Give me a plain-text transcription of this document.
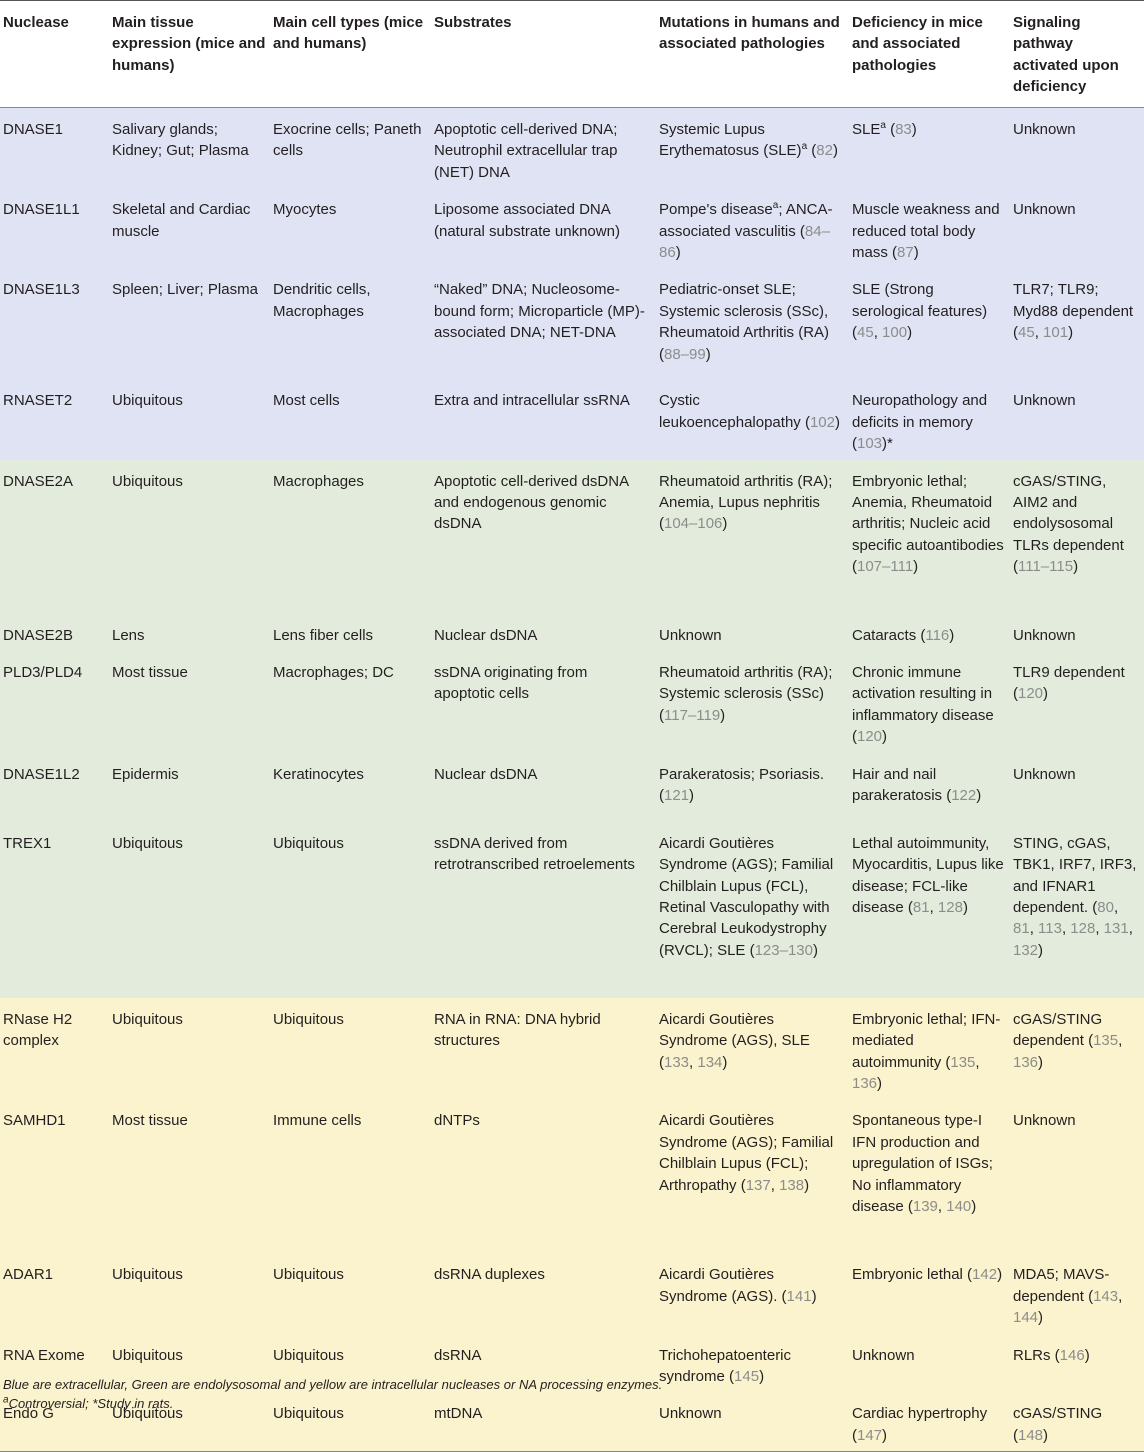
Nuclease	Main tissue expression (mice and humans)	Main cell types (mice and humans)	Substrates	Mutations in humans and associated pathologies	Deficiency in mice and associated pathologies	Signaling pathway activated upon deficiency
DNASE1	Salivary glands; Kidney; Gut; Plasma	Exocrine cells; Paneth cells	Apoptotic cell-derived DNA; Neutrophil extracellular trap (NET) DNA	Systemic Lupus Erythematosus (SLE)$^a$ (82)	SLE$^a$ (83)	Unknown
DNASE1L1	Skeletal and Cardiac muscle	Myocytes	Liposome associated DNA (natural substrate unknown)	Pompe's disease$^a$; ANCA-associated vasculitis (84–86)	Muscle weakness and reduced total body mass (87)	Unknown
DNASE1L3	Spleen; Liver; Plasma	Dendritic cells, Macrophages	“Naked” DNA; Nucleosome-bound form; Microparticle (MP)-associated DNA; NET-DNA	Pediatric-onset SLE; Systemic sclerosis (SSc), Rheumatoid Arthritis (RA) (88–99)	SLE (Strong serological features) (45, 100)	TLR7; TLR9; Myd88 dependent (45, 101)
RNASET2	Ubiquitous	Most cells	Extra and intracellular ssRNA	Cystic leukoencephalopathy (102)	Neuropathology and deficits in memory (103)*	Unknown
DNASE2A	Ubiquitous	Macrophages	Apoptotic cell-derived dsDNA and endogenous genomic dsDNA	Rheumatoid arthritis (RA); Anemia, Lupus nephritis (104–106)	Embryonic lethal; Anemia, Rheumatoid arthritis; Nucleic acid specific autoantibodies (107–111)	cGAS/STING, AIM2 and endolysosomal TLRs dependent (111–115)
DNASE2B	Lens	Lens fiber cells	Nuclear dsDNA	Unknown	Cataracts (116)	Unknown
PLD3/PLD4	Most tissue	Macrophages; DC	ssDNA originating from apoptotic cells	Rheumatoid arthritis (RA); Systemic sclerosis (SSc) (117–119)	Chronic immune activation resulting in inflammatory disease (120)	TLR9 dependent (120)
DNASE1L2	Epidermis	Keratinocytes	Nuclear dsDNA	Parakeratosis; Psoriasis. (121)	Hair and nail parakeratosis (122)	Unknown
TREX1	Ubiquitous	Ubiquitous	ssDNA derived from retrotranscribed retroelements	Aicardi Goutières Syndrome (AGS); Familial Chilblain Lupus (FCL), Retinal Vasculopathy with Cerebral Leukodystrophy (RVCL); SLE (123–130)	Lethal autoimmunity, Myocarditis, Lupus like disease; FCL-like disease (81, 128)	STING, cGAS, TBK1, IRF7, IRF3, and IFNAR1 dependent. (80, 81, 113, 128, 131, 132)
RNase H2 complex	Ubiquitous	Ubiquitous	RNA in RNA: DNA hybrid structures	Aicardi Goutières Syndrome (AGS), SLE (133, 134)	Embryonic lethal; IFN-mediated autoimmunity (135, 136)	cGAS/STING dependent (135, 136)
SAMHD1	Most tissue	Immune cells	dNTPs	Aicardi Goutières Syndrome (AGS); Familial Chilblain Lupus (FCL); Arthropathy (137, 138)	Spontaneous type-I IFN production and upregulation of ISGs; No inflammatory disease (139, 140)	Unknown
ADAR1	Ubiquitous	Ubiquitous	dsRNA duplexes	Aicardi Goutières Syndrome (AGS). (141)	Embryonic lethal (142)	MDA5; MAVS-dependent (143, 144)
RNA Exome	Ubiquitous	Ubiquitous	dsRNA	Trichohepatoenteric syndrome (145)	Unknown	RLRs (146)
Endo G	Ubiquitous	Ubiquitous	mtDNA	Unknown	Cardiac hypertrophy (147)	cGAS/STING (148)
Blue are extracellular, Green are endolysosomal and yellow are intracellular nucleases or NA processing enzymes.
$^a$Controversial; *Study in rats.
